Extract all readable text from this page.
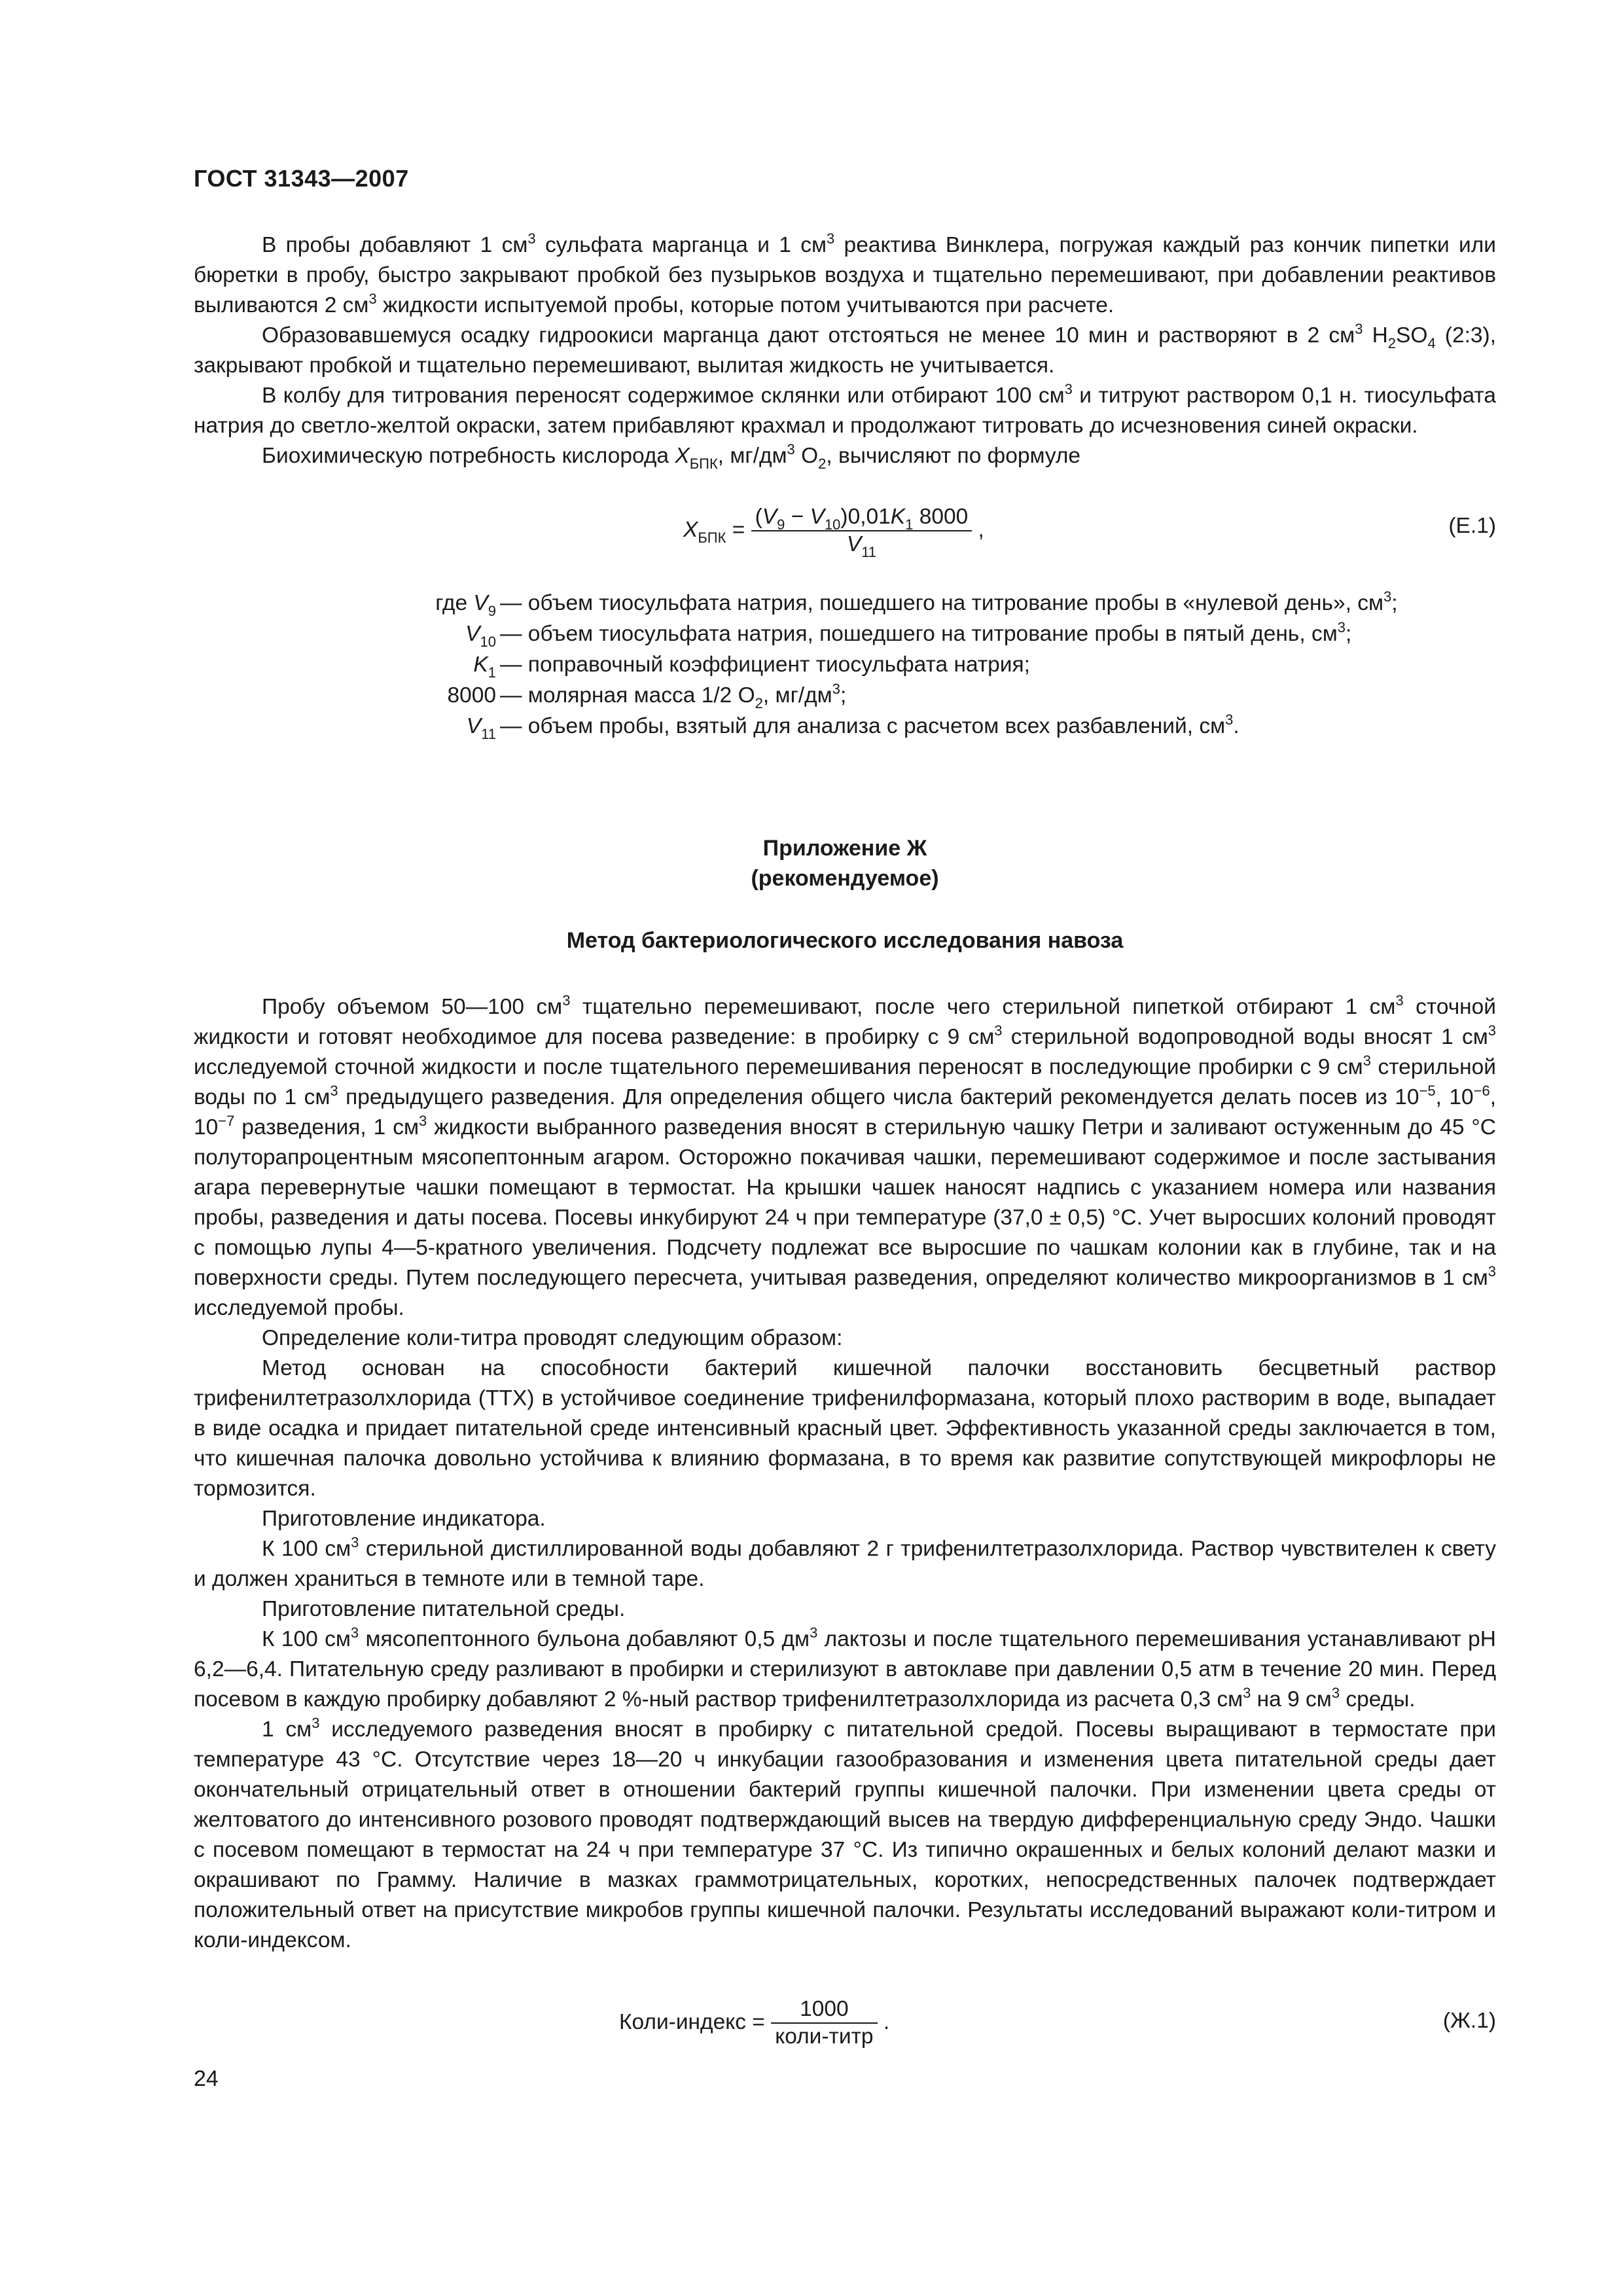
ГОСТ 31343—2007

В пробы добавляют 1 $см^3$ сульфата марганца и 1 $см^3$ реактива Винклера, погружая каждый раз кончик пипетки или бюретки в пробу, быстро закрывают пробкой без пузырьков воздуха и тщательно перемешивают, при добавлении реактивов выливаются 2 $см^3$ жидкости испытуемой пробы, которые потом учитываются при расчете.

Образовавшемуся осадку гидроокиси марганца дают отстояться не менее 10 мин и растворяют в 2 $см^3$ $H_2SO_4$ (2:3), закрывают пробкой и тщательно перемешивают, вылитая жидкость не учитывается.

В колбу для титрования переносят содержимое склянки или отбирают 100 $см^3$ и титруют раствором 0,1 н. тиосульфата натрия до светло-желтой окраски, затем прибавляют крахмал и продолжают титровать до исчезновения синей окраски.

Биохимическую потребность кислорода $X_{БПК}$, $мг/дм^3$ $O_2$, вычисляют по формуле

$X_{БПК} = \frac{(V_9 - V_{10})0,01K_1 8000}{V_{11}}$ ,	(Е.1)
где $V_9$ — объем тиосульфата натрия, пошедшего на титрование пробы в «нулевой день», $см^3$;
$V_{10}$ — объем тиосульфата натрия, пошедшего на титрование пробы в пятый день, $см^3$;
$K_1$ — поправочный коэффициент тиосульфата натрия;
8000 — молярная масса 1/2 $O_2$, $мг/дм^3$;
$V_{11}$ — объем пробы, взятый для анализа с расчетом всех разбавлений, $см^3$.
Приложение Ж
(рекомендуемое)
Метод бактериологического исследования навоза

Пробу объемом 50—100 $см^3$ тщательно перемешивают, после чего стерильной пипеткой отбирают 1 $см^3$ сточной жидкости и готовят необходимое для посева разведение: в пробирку с 9 $см^3$ стерильной водопроводной воды вносят 1 $см^3$ исследуемой сточной жидкости и после тщательного перемешивания переносят в последующие пробирки с 9 $см^3$ стерильной воды по 1 $см^3$ предыдущего разведения. Для определения общего числа бактерий рекомендуется делать посев из $10^{-5}$, $10^{-6}$, $10^{-7}$ разведения, 1 $см^3$ жидкости выбранного разведения вносят в стерильную чашку Петри и заливают остуженным до 45 °С полуторапроцентным мясопептонным агаром. Осторожно покачивая чашки, перемешивают содержимое и после застывания агара перевернутые чашки помещают в термостат. На крышки чашек наносят надпись с указанием номера или названия пробы, разведения и даты посева. Посевы инкубируют 24 ч при температуре (37,0 ± 0,5) °С. Учет выросших колоний проводят с помощью лупы 4—5-кратного увеличения. Подсчету подлежат все выросшие по чашкам колонии как в глубине, так и на поверхности среды. Путем последующего пересчета, учитывая разведения, определяют количество микроорганизмов в 1 $см^3$ исследуемой пробы.

Определение коли-титра проводят следующим образом:

Метод основан на способности бактерий кишечной палочки восстановить бесцветный раствор трифенилтетразолхлорида (ТТХ) в устойчивое соединение трифенилформазана, который плохо растворим в воде, выпадает в виде осадка и придает питательной среде интенсивный красный цвет. Эффективность указанной среды заключается в том, что кишечная палочка довольно устойчива к влиянию формазана, в то время как развитие сопутствующей микрофлоры не тормозится.

Приготовление индикатора.

К 100 $см^3$ стерильной дистиллированной воды добавляют 2 г трифенилтетразолхлорида. Раствор чувствителен к свету и должен храниться в темноте или в темной таре.

Приготовление питательной среды.

К 100 $см^3$ мясопептонного бульона добавляют 0,5 $дм^3$ лактозы и после тщательного перемешивания устанавливают рН 6,2—6,4. Питательную среду разливают в пробирки и стерилизуют в автоклаве при давлении 0,5 атм в течение 20 мин. Перед посевом в каждую пробирку добавляют 2 %-ный раствор трифенилтетразолхлорида из расчета 0,3 $см^3$ на 9 $см^3$ среды.

1 $см^3$ исследуемого разведения вносят в пробирку с питательной средой. Посевы выращивают в термостате при температуре 43 °С. Отсутствие через 18—20 ч инкубации газообразования и изменения цвета питательной среды дает окончательный отрицательный ответ в отношении бактерий группы кишечной палочки. При изменении цвета среды от желтоватого до интенсивного розового проводят подтверждающий высев на твердую дифференциальную среду Эндо. Чашки с посевом помещают в термостат на 24 ч при температуре 37 °С. Из типично окрашенных и белых колоний делают мазки и окрашивают по Грамму. Наличие в мазках граммотрицательных, коротких, непосредственных палочек подтверждает положительный ответ на присутствие микробов группы кишечной палочки. Результаты исследований выражают коли-титром и коли-индексом.

Коли-индекс = $\frac{1000}{\text{коли-титр}}$ .	(Ж.1)
24
